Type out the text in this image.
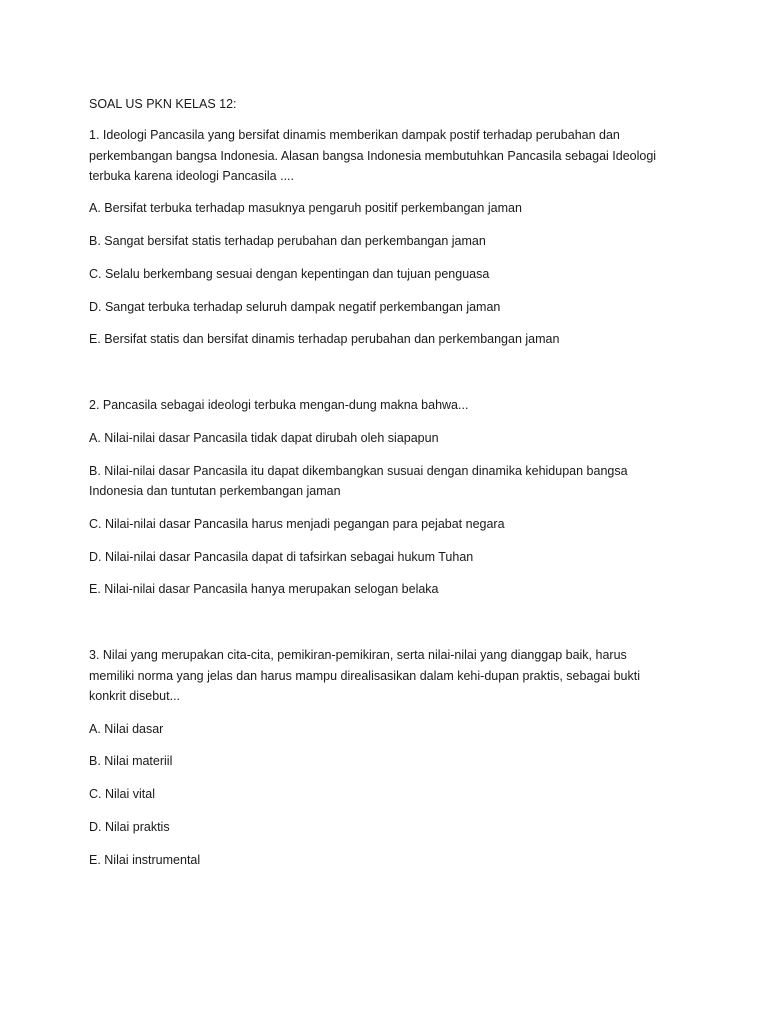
SOAL US PKN KELAS 12:
1. Ideologi Pancasila yang bersifat dinamis memberikan dampak postif terhadap perubahan dan
perkembangan bangsa Indonesia. Alasan bangsa Indonesia membutuhkan Pancasila sebagai Ideologi
terbuka karena ideologi Pancasila ....
A. Bersifat terbuka terhadap masuknya pengaruh positif perkembangan jaman
B. Sangat bersifat statis terhadap perubahan dan perkembangan jaman
C. Selalu berkembang sesuai dengan kepentingan dan tujuan penguasa
D. Sangat terbuka terhadap seluruh dampak negatif perkembangan jaman
E. Bersifat statis dan bersifat dinamis terhadap perubahan dan perkembangan jaman
2. Pancasila sebagai ideologi terbuka mengan-dung makna bahwa...
A. Nilai-nilai dasar Pancasila tidak dapat dirubah oleh siapapun
B. Nilai-nilai dasar Pancasila itu dapat dikembangkan susuai dengan dinamika kehidupan bangsa
Indonesia dan tuntutan perkembangan jaman
C. Nilai-nilai dasar Pancasila harus menjadi pegangan para pejabat negara
D. Nilai-nilai dasar Pancasila dapat di tafsirkan sebagai hukum Tuhan
E. Nilai-nilai dasar Pancasila hanya merupakan selogan belaka
3. Nilai yang merupakan cita-cita, pemikiran-pemikiran, serta nilai-nilai yang dianggap baik, harus
memiliki norma yang jelas dan harus mampu direalisasikan dalam kehi-dupan praktis, sebagai bukti
konkrit disebut...
A. Nilai dasar
B. Nilai materiil
C. Nilai vital
D. Nilai praktis
E. Nilai instrumental
